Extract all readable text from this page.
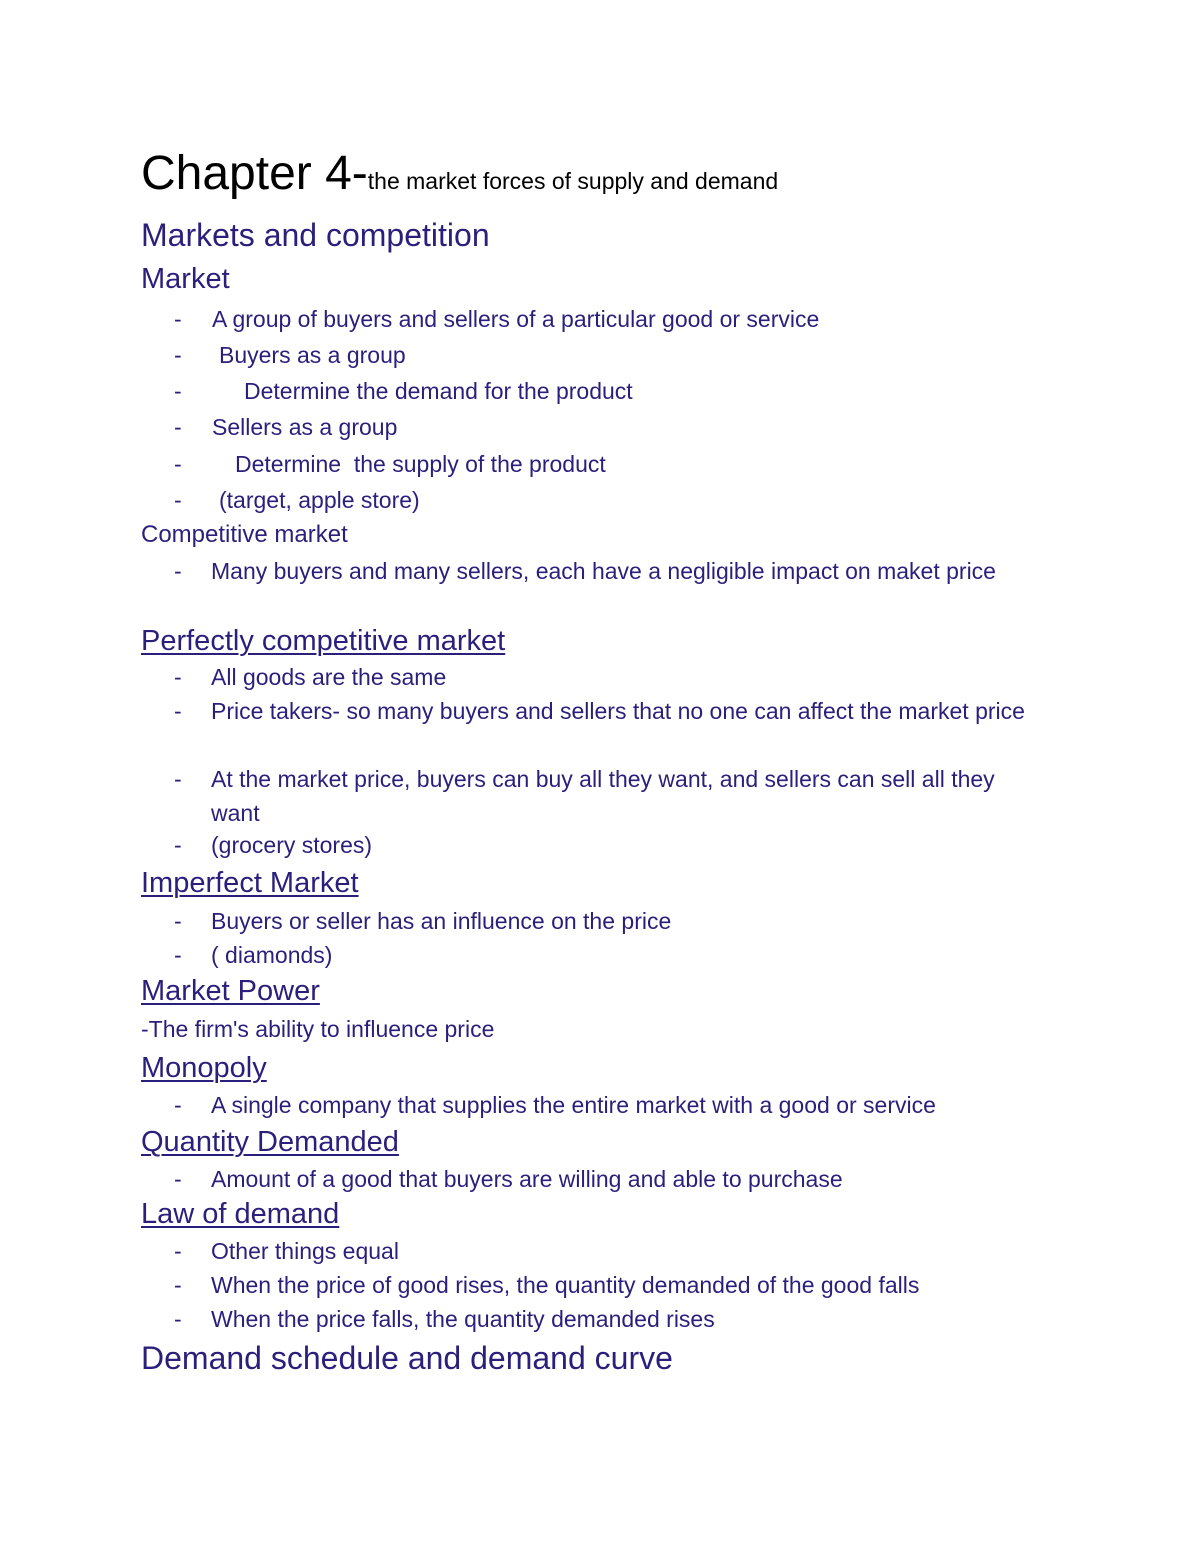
Chapter 4-the market forces of supply and demand
Markets and competition
Market
- A group of buyers and sellers of a particular good or service
- Buyers as a group
-	Determine the demand for the product
- Sellers as a group
- Determine  the supply of the product
- (target, apple store)
Competitive market
- Many buyers and many sellers, each have a negligible impact on maket price
Perfectly competitive market
- All goods are the same
- Price takers- so many buyers and sellers that no one can affect the market price
- At the market price, buyers can buy all they want, and sellers can sell all they want
- (grocery stores)
Imperfect Market
- Buyers or seller has an influence on the price
- ( diamonds)
Market Power
-The firm's ability to influence price
Monopoly
- A single company that supplies the entire market with a good or service
Quantity Demanded
- Amount of a good that buyers are willing and able to purchase
Law of demand
- Other things equal
- When the price of good rises, the quantity demanded of the good falls
- When the price falls, the quantity demanded rises
Demand schedule and demand curve
